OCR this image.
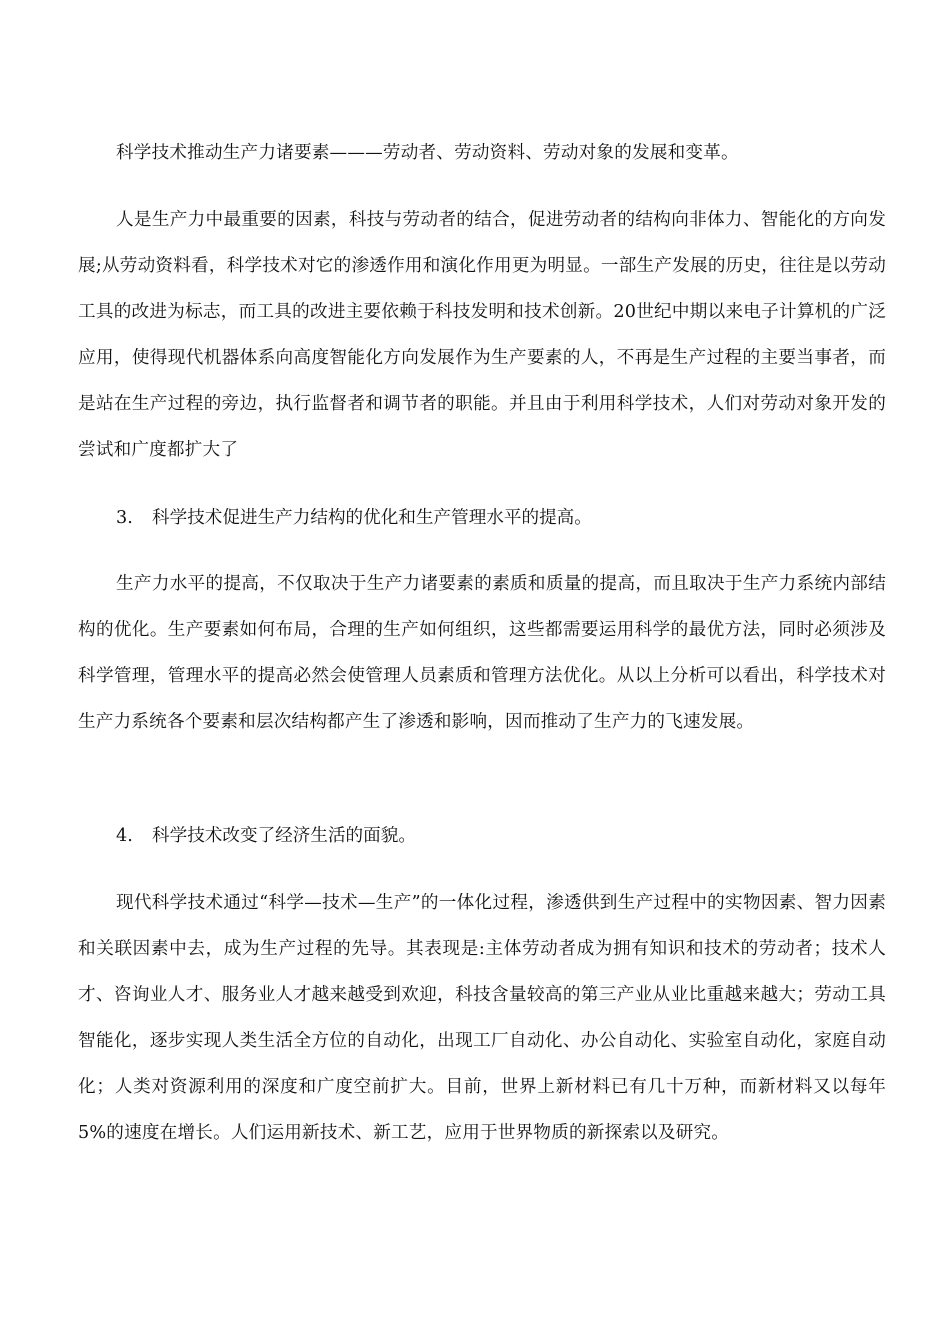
科学技术推动生产力诸要素———劳动者、劳动资料、劳动对象的发展和变革。

人是生产力中最重要的因素，科技与劳动者的结合，促进劳动者的结构向非体力、智能化的方向发展;从劳动资料看，科学技术对它的渗透作用和演化作用更为明显。一部生产发展的历史，往往是以劳动工具的改进为标志，而工具的改进主要依赖于科技发明和技术创新。20世纪中期以来电子计算机的广泛应用，使得现代机器体系向高度智能化方向发展作为生产要素的人，不再是生产过程的主要当事者，而是站在生产过程的旁边，执行监督者和调节者的职能。并且由于利用科学技术，人们对劳动对象开发的尝试和广度都扩大了

3. 科学技术促进生产力结构的优化和生产管理水平的提高。

生产力水平的提高，不仅取决于生产力诸要素的素质和质量的提高，而且取决于生产力系统内部结构的优化。生产要素如何布局，合理的生产如何组织，这些都需要运用科学的最优方法，同时必须涉及科学管理，管理水平的提高必然会使管理人员素质和管理方法优化。从以上分析可以看出，科学技术对生产力系统各个要素和层次结构都产生了渗透和影响，因而推动了生产力的飞速发展。

4. 科学技术改变了经济生活的面貌。

现代科学技术通过“科学—技术—生产”的一体化过程，渗透供到生产过程中的实物因素、智力因素和关联因素中去，成为生产过程的先导。其表现是:主体劳动者成为拥有知识和技术的劳动者；技术人才、咨询业人才、服务业人才越来越受到欢迎，科技含量较高的第三产业从业比重越来越大；劳动工具智能化，逐步实现人类生活全方位的自动化，出现工厂自动化、办公自动化、实验室自动化，家庭自动化；人类对资源利用的深度和广度空前扩大。目前，世界上新材料已有几十万种，而新材料又以每年5%的速度在增长。人们运用新技术、新工艺，应用于世界物质的新探索以及研究。
